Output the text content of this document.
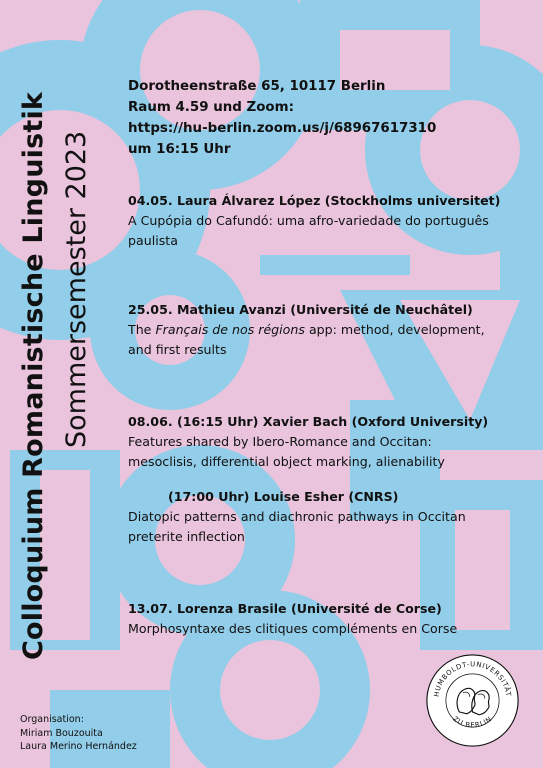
Colloquium Romanistische Linguistik Sommersemester 2023
Dorotheenstraße 65, 10117 Berlin
Raum 4.59 und Zoom:
https://hu-berlin.zoom.us/j/68967617310
um 16:15 Uhr
04.05. Laura Álvarez López (Stockholms universitet)
A Cupópia do Cafundó: uma afro-variedade do português
paulista
25.05. Mathieu Avanzi (Université de Neuchâtel)
The Français de nos régions app: method, development,
and first results
08.06. (16:15 Uhr) Xavier Bach (Oxford University)
Features shared by Ibero-Romance and Occitan:
mesoclisis, differential object marking, alienability
(17:00 Uhr) Louise Esher (CNRS)
Diatopic patterns and diachronic pathways in Occitan
preterite inflection
13.07. Lorenza Brasile (Université de Corse)
Morphosyntaxe des clitiques compléments en Corse
Organisation:
Miriam Bouzouita
Laura Merino Hernández
HUMBOLDT-UNIVERSITÄT
ZU BERLIN
